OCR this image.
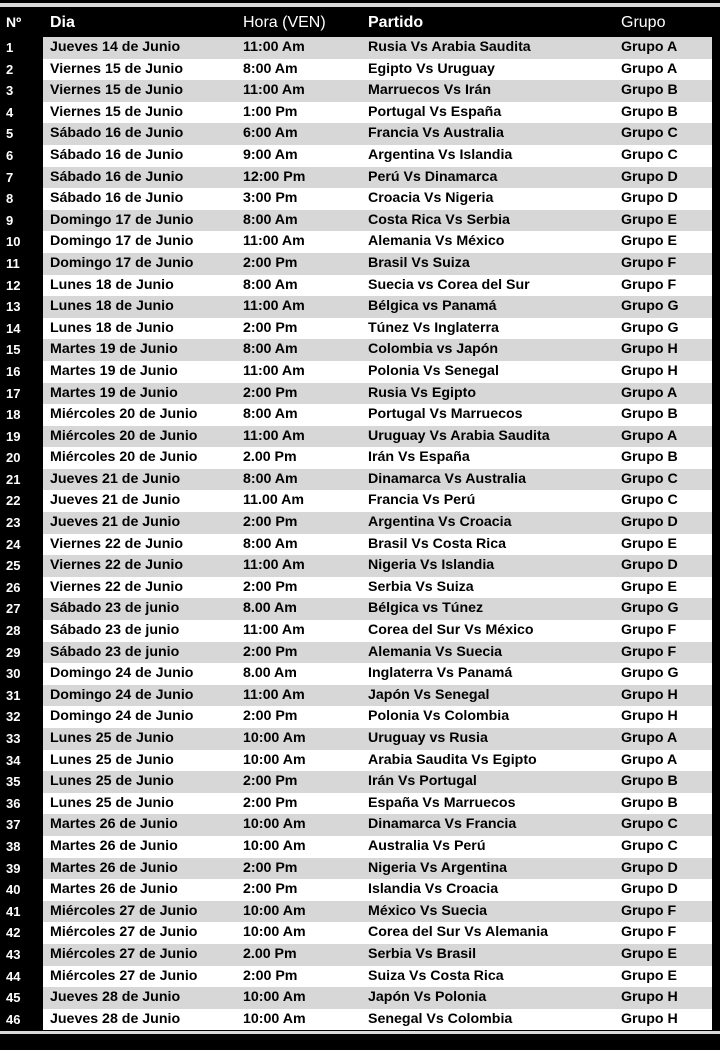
Nº Dia	Hora (VEN)	Partido	Grupo
1	Jueves 14 de Junio	11:00 Am	Rusia Vs Arabia Saudita	Grupo A
2	Viernes 15 de Junio	8:00 Am	Egipto Vs Uruguay	Grupo A
3	Viernes 15 de Junio	11:00 Am	Marruecos Vs Irán	Grupo B
4	Viernes 15 de Junio	1:00 Pm	Portugal Vs España	Grupo B
5	Sábado 16 de Junio	6:00 Am	Francia Vs Australia	Grupo C
6	Sábado 16 de Junio	9:00 Am	Argentina Vs Islandia	Grupo C
7	Sábado 16 de Junio	12:00 Pm	Perú Vs Dinamarca	Grupo D
8	Sábado 16 de Junio	3:00 Pm	Croacia Vs Nigeria	Grupo D
9	Domingo 17 de Junio	8:00 Am	Costa Rica Vs Serbia	Grupo E
10	Domingo 17 de Junio	11:00 Am	Alemania Vs México	Grupo E
11	Domingo 17 de Junio	2:00 Pm	Brasil Vs Suiza	Grupo F
12	Lunes 18 de Junio	8:00 Am	Suecia vs Corea del Sur	Grupo F
13	Lunes 18 de Junio	11:00 Am	Bélgica vs Panamá	Grupo G
14	Lunes 18 de Junio	2:00 Pm	Túnez Vs Inglaterra	Grupo G
15	Martes 19 de Junio	8:00 Am	Colombia vs Japón	Grupo H
16	Martes 19 de Junio	11:00 Am	Polonia Vs Senegal	Grupo H
17	Martes 19 de Junio	2:00 Pm	Rusia Vs Egipto	Grupo A
18	Miércoles 20 de Junio	8:00 Am	Portugal Vs Marruecos	Grupo B
19	Miércoles 20 de Junio	11:00 Am	Uruguay Vs Arabia Saudita	Grupo A
20	Miércoles 20 de Junio	2.00 Pm	Irán Vs España	Grupo B
21	Jueves 21 de Junio	8:00 Am	Dinamarca Vs Australia	Grupo C
22	Jueves 21 de Junio	11.00 Am	Francia Vs Perú	Grupo C
23	Jueves 21 de Junio	2:00 Pm	Argentina Vs Croacia	Grupo D
24	Viernes 22 de Junio	8:00 Am	Brasil Vs Costa Rica	Grupo E
25	Viernes 22 de Junio	11:00 Am	Nigeria Vs Islandia	Grupo D
26	Viernes 22 de Junio	2:00 Pm	Serbia Vs Suiza	Grupo E
27	Sábado 23 de junio	8.00 Am	Bélgica vs Túnez	Grupo G
28	Sábado 23 de junio	11:00 Am	Corea del Sur Vs México	Grupo F
29	Sábado 23 de junio	2:00 Pm	Alemania Vs Suecia	Grupo F
30	Domingo 24 de Junio	8.00 Am	Inglaterra Vs Panamá	Grupo G
31	Domingo 24 de Junio	11:00 Am	Japón Vs Senegal	Grupo H
32	Domingo 24 de Junio	2:00 Pm	Polonia Vs Colombia	Grupo H
33	Lunes 25 de Junio	10:00 Am	Uruguay vs Rusia	Grupo A
34	Lunes 25 de Junio	10:00 Am	Arabia Saudita Vs Egipto	Grupo A
35	Lunes 25 de Junio	2:00 Pm	Irán Vs Portugal	Grupo B
36	Lunes 25 de Junio	2:00 Pm	España Vs Marruecos	Grupo B
37	Martes 26 de Junio	10:00 Am	Dinamarca Vs Francia	Grupo C
38	Martes 26 de Junio	10:00 Am	Australia Vs Perú	Grupo C
39	Martes 26 de Junio	2:00 Pm	Nigeria Vs Argentina	Grupo D
40	Martes 26 de Junio	2:00 Pm	Islandia Vs Croacia	Grupo D
41	Miércoles 27 de Junio	10:00 Am	México Vs Suecia	Grupo F
42	Miércoles 27 de Junio	10:00 Am	Corea del Sur Vs Alemania	Grupo F
43	Miércoles 27 de Junio	2.00 Pm	Serbia Vs Brasil	Grupo E
44	Miércoles 27 de Junio	2:00 Pm	Suiza Vs Costa Rica	Grupo E
45	Jueves 28 de Junio	10:00 Am	Japón Vs Polonia	Grupo H
46	Jueves 28 de Junio	10:00 Am	Senegal Vs Colombia	Grupo H
